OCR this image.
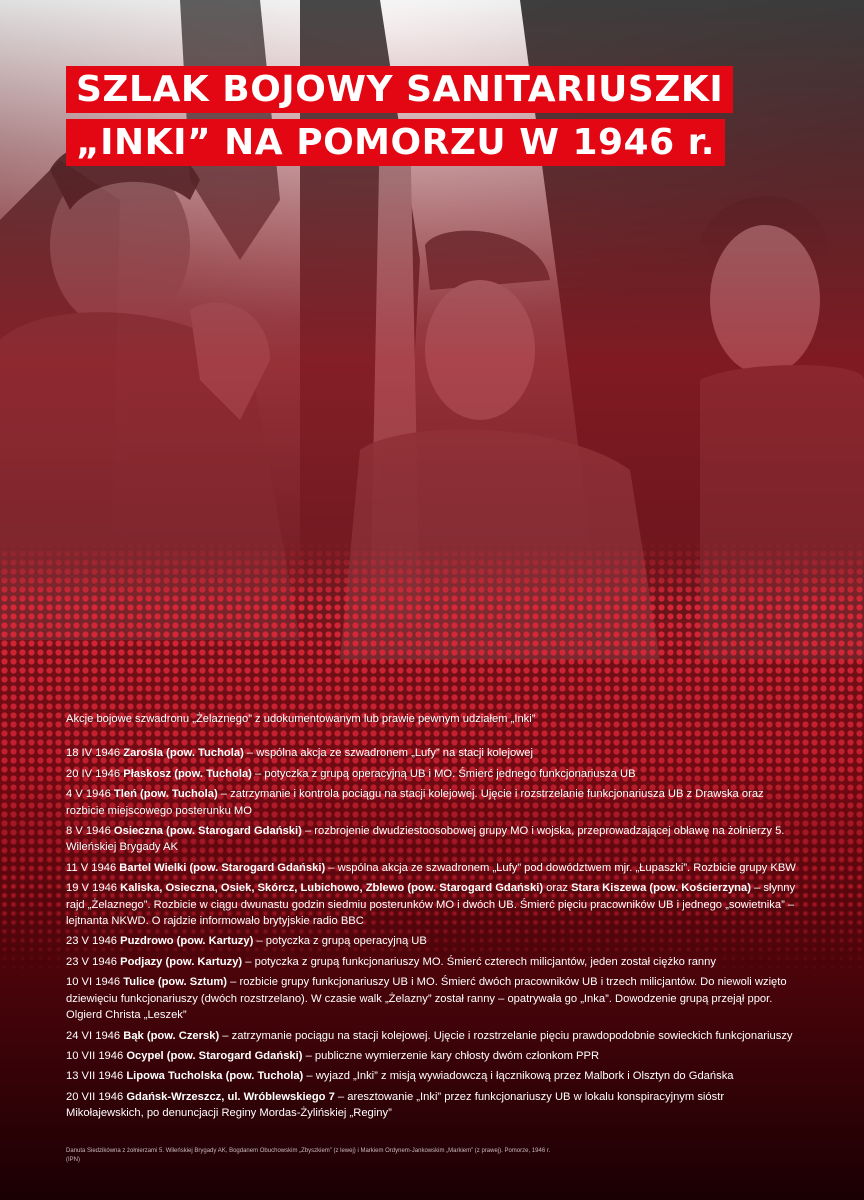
SZLAK BOJOWY SANITARIUSZKI
„INKI” NA POMORZU W 1946 r.

Akcje bojowe szwadronu „Żelaznego” z udokumentowanym lub prawie pewnym udziałem „Inki”

18 IV 1946 Zarośla (pow. Tuchola) – wspólna akcja ze szwadronem „Lufy” na stacji kolejowej
20 IV 1946 Płaskosz (pow. Tuchola) – potyczka z grupą operacyjną UB i MO. Śmierć jednego funkcjonariusza UB
4 V 1946 Tleń (pow. Tuchola) – zatrzymanie i kontrola pociągu na stacji kolejowej. Ujęcie i rozstrzelanie funkcjonariusza UB z Drawska oraz rozbicie miejscowego posterunku MO
8 V 1946 Osieczna (pow. Starogard Gdański) – rozbrojenie dwudziestoosobowej grupy MO i wojska, przeprowadzającej obławę na żołnierzy 5. Wileńskiej Brygady AK
11 V 1946 Bartel Wielki (pow. Starogard Gdański) – wspólna akcja ze szwadronem „Lufy” pod dowództwem mjr. „Łupaszki”. Rozbicie grupy KBW
19 V 1946 Kaliska, Osieczna, Osiek, Skórcz, Lubichowo, Zblewo (pow. Starogard Gdański) oraz Stara Kiszewa (pow. Kościerzyna) – słynny rajd „Żelaznego”. Rozbicie w ciągu dwunastu godzin siedmiu posterunków MO i dwóch UB. Śmierć pięciu pracowników UB i jednego „sowietnika” – lejtnanta NKWD. O rajdzie informowało brytyjskie radio BBC
23 V 1946 Puzdrowo (pow. Kartuzy) – potyczka z grupą operacyjną UB
23 V 1946 Podjazy (pow. Kartuzy) – potyczka z grupą funkcjonariuszy MO. Śmierć czterech milicjantów, jeden został ciężko ranny
10 VI 1946 Tulice (pow. Sztum) – rozbicie grupy funkcjonariuszy UB i MO. Śmierć dwóch pracowników UB i trzech milicjantów. Do niewoli wzięto dziewięciu funkcjonariuszy (dwóch rozstrzelano). W czasie walk „Żelazny” został ranny – opatrywała go „Inka”. Dowodzenie grupą przejął ppor. Olgierd Christa „Leszek”
24 VI 1946 Bąk (pow. Czersk) – zatrzymanie pociągu na stacji kolejowej. Ujęcie i rozstrzelanie pięciu prawdopodobnie sowieckich funkcjonariuszy
10 VII 1946 Ocypel (pow. Starogard Gdański) – publiczne wymierzenie kary chłosty dwóm członkom PPR
13 VII 1946 Lipowa Tucholska (pow. Tuchola) – wyjazd „Inki” z misją wywiadowczą i łącznikową przez Malbork i Olsztyn do Gdańska
20 VII 1946 Gdańsk-Wrzeszcz, ul. Wróblewskiego 7 – aresztowanie „Inki” przez funkcjonariuszy UB w lokalu konspiracyjnym sióstr Mikołajewskich, po denuncjacji Reginy Mordas-Żylińskiej „Reginy”
Danuta Siedzikówna z żołnierzami 5. Wileńskiej Brygady AK, Bogdanem Obuchowskim „Zbyszkiem” (z lewej) i Markiem Ordynem-Jankowskim „Markiem” (z prawej). Pomorze, 1946 r.
(IPN)
